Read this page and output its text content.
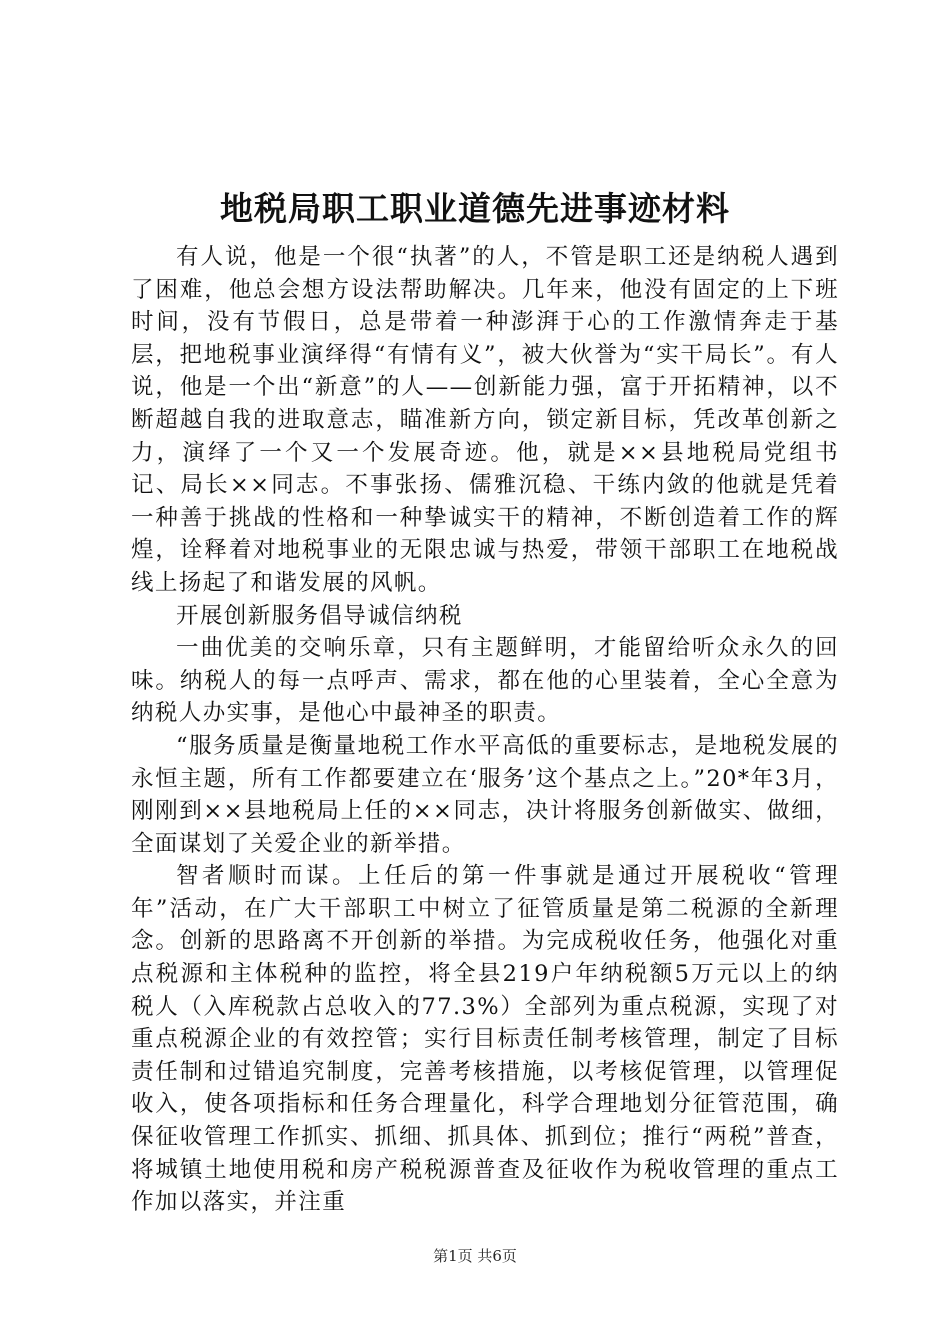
地税局职工职业道德先进事迹材料

有人说，他是一个很“执著”的人，不管是职工还是纳税人遇到了困难，他总会想方设法帮助解决。几年来，他没有固定的上下班时间，没有节假日，总是带着一种澎湃于心的工作激情奔走于基层，把地税事业演绎得“有情有义”，被大伙誉为“实干局长”。有人说，他是一个出“新意”的人——创新能力强，富于开拓精神，以不断超越自我的进取意志，瞄准新方向，锁定新目标，凭改革创新之力，演绎了一个又一个发展奇迹。他，就是××县地税局党组书记、局长××同志。不事张扬、儒雅沉稳、干练内敛的他就是凭着一种善于挑战的性格和一种挚诚实干的精神，不断创造着工作的辉煌，诠释着对地税事业的无限忠诚与热爱，带领干部职工在地税战线上扬起了和谐发展的风帆。

开展创新服务倡导诚信纳税

一曲优美的交响乐章，只有主题鲜明，才能留给听众永久的回味。纳税人的每一点呼声、需求，都在他的心里装着，全心全意为纳税人办实事，是他心中最神圣的职责。

“服务质量是衡量地税工作水平高低的重要标志，是地税发展的永恒主题，所有工作都要建立在‘服务’这个基点之上。”20*年3月，刚刚到××县地税局上任的××同志，决计将服务创新做实、做细，全面谋划了关爱企业的新举措。

智者顺时而谋。上任后的第一件事就是通过开展税收“管理年”活动，在广大干部职工中树立了征管质量是第二税源的全新理念。创新的思路离不开创新的举措。为完成税收任务，他强化对重点税源和主体税种的监控，将全县219户年纳税额5万元以上的纳税人（入库税款占总收入的77.3%）全部列为重点税源，实现了对重点税源企业的有效控管；实行目标责任制考核管理，制定了目标责任制和过错追究制度，完善考核措施，以考核促管理，以管理促收入，使各项指标和任务合理量化，科学合理地划分征管范围，确保征收管理工作抓实、抓细、抓具体、抓到位；推行“两税”普查，将城镇土地使用税和房产税税源普查及征收作为税收管理的重点工作加以落实，并注重

第1页 共6页
